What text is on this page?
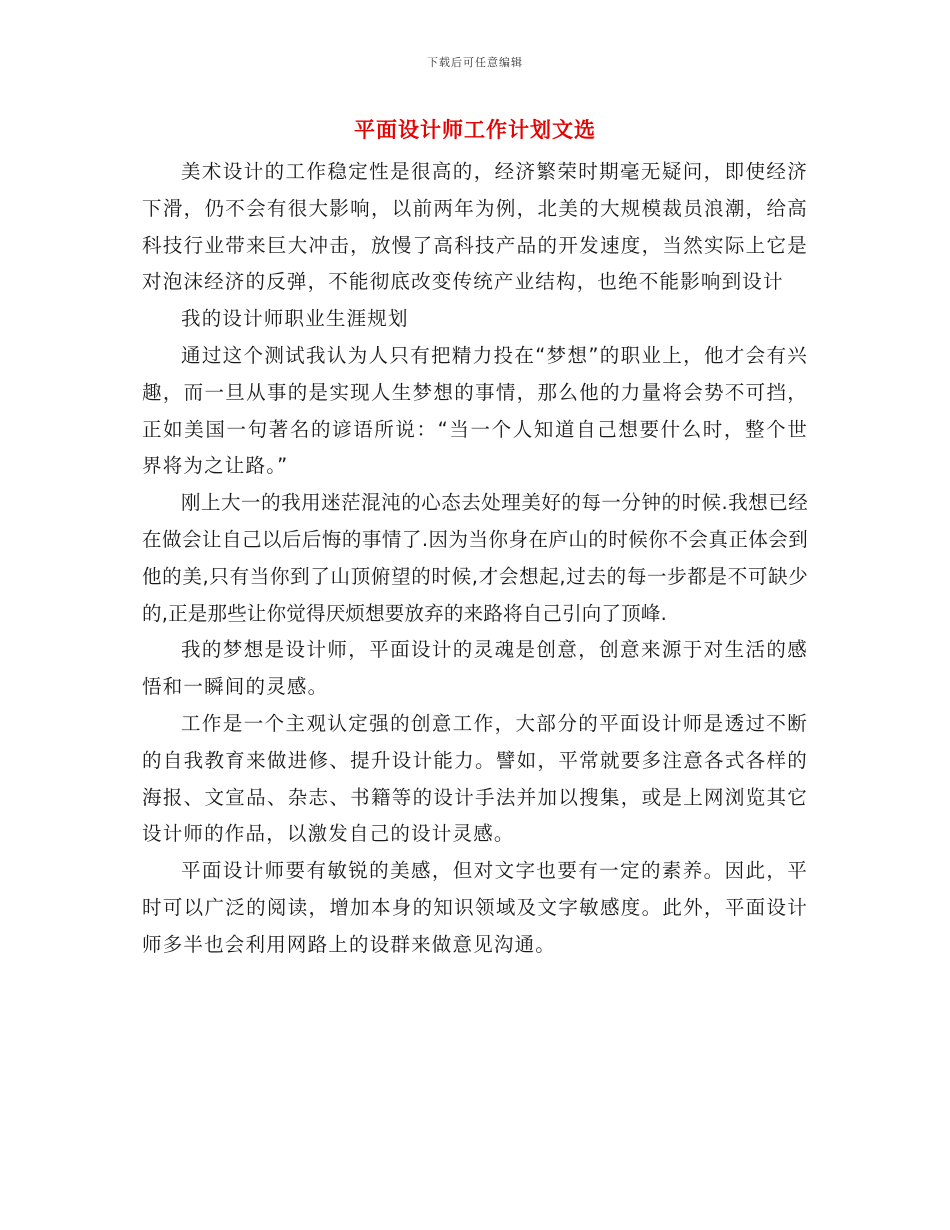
下载后可任意编辑
平面设计师工作计划文选

美术设计的工作稳定性是很高的，经济繁荣时期毫无疑问，即使经济下滑，仍不会有很大影响，以前两年为例，北美的大规模裁员浪潮，给高科技行业带来巨大冲击，放慢了高科技产品的开发速度，当然实际上它是对泡沫经济的反弹，不能彻底改变传统产业结构，也绝不能影响到设计

我的设计师职业生涯规划

通过这个测试我认为人只有把精力投在“梦想”的职业上，他才会有兴趣，而一旦从事的是实现人生梦想的事情，那么他的力量将会势不可挡，正如美国一句著名的谚语所说：“当一个人知道自己想要什么时，整个世界将为之让路。”

刚上大一的我用迷茫混沌的心态去处理美好的每一分钟的时候.我想已经在做会让自己以后后悔的事情了.因为当你身在庐山的时候你不会真正体会到他的美,只有当你到了山顶俯望的时候,才会想起,过去的每一步都是不可缺少的,正是那些让你觉得厌烦想要放弃的来路将自己引向了顶峰.

我的梦想是设计师，平面设计的灵魂是创意，创意来源于对生活的感悟和一瞬间的灵感。

工作是一个主观认定强的创意工作，大部分的平面设计师是透过不断的自我教育来做进修、提升设计能力。譬如，平常就要多注意各式各样的海报、文宣品、杂志、书籍等的设计手法并加以搜集，或是上网浏览其它设计师的作品，以激发自己的设计灵感。

平面设计师要有敏锐的美感，但对文字也要有一定的素养。因此，平时可以广泛的阅读，增加本身的知识领域及文字敏感度。此外，平面设计师多半也会利用网路上的设群来做意见沟通。
